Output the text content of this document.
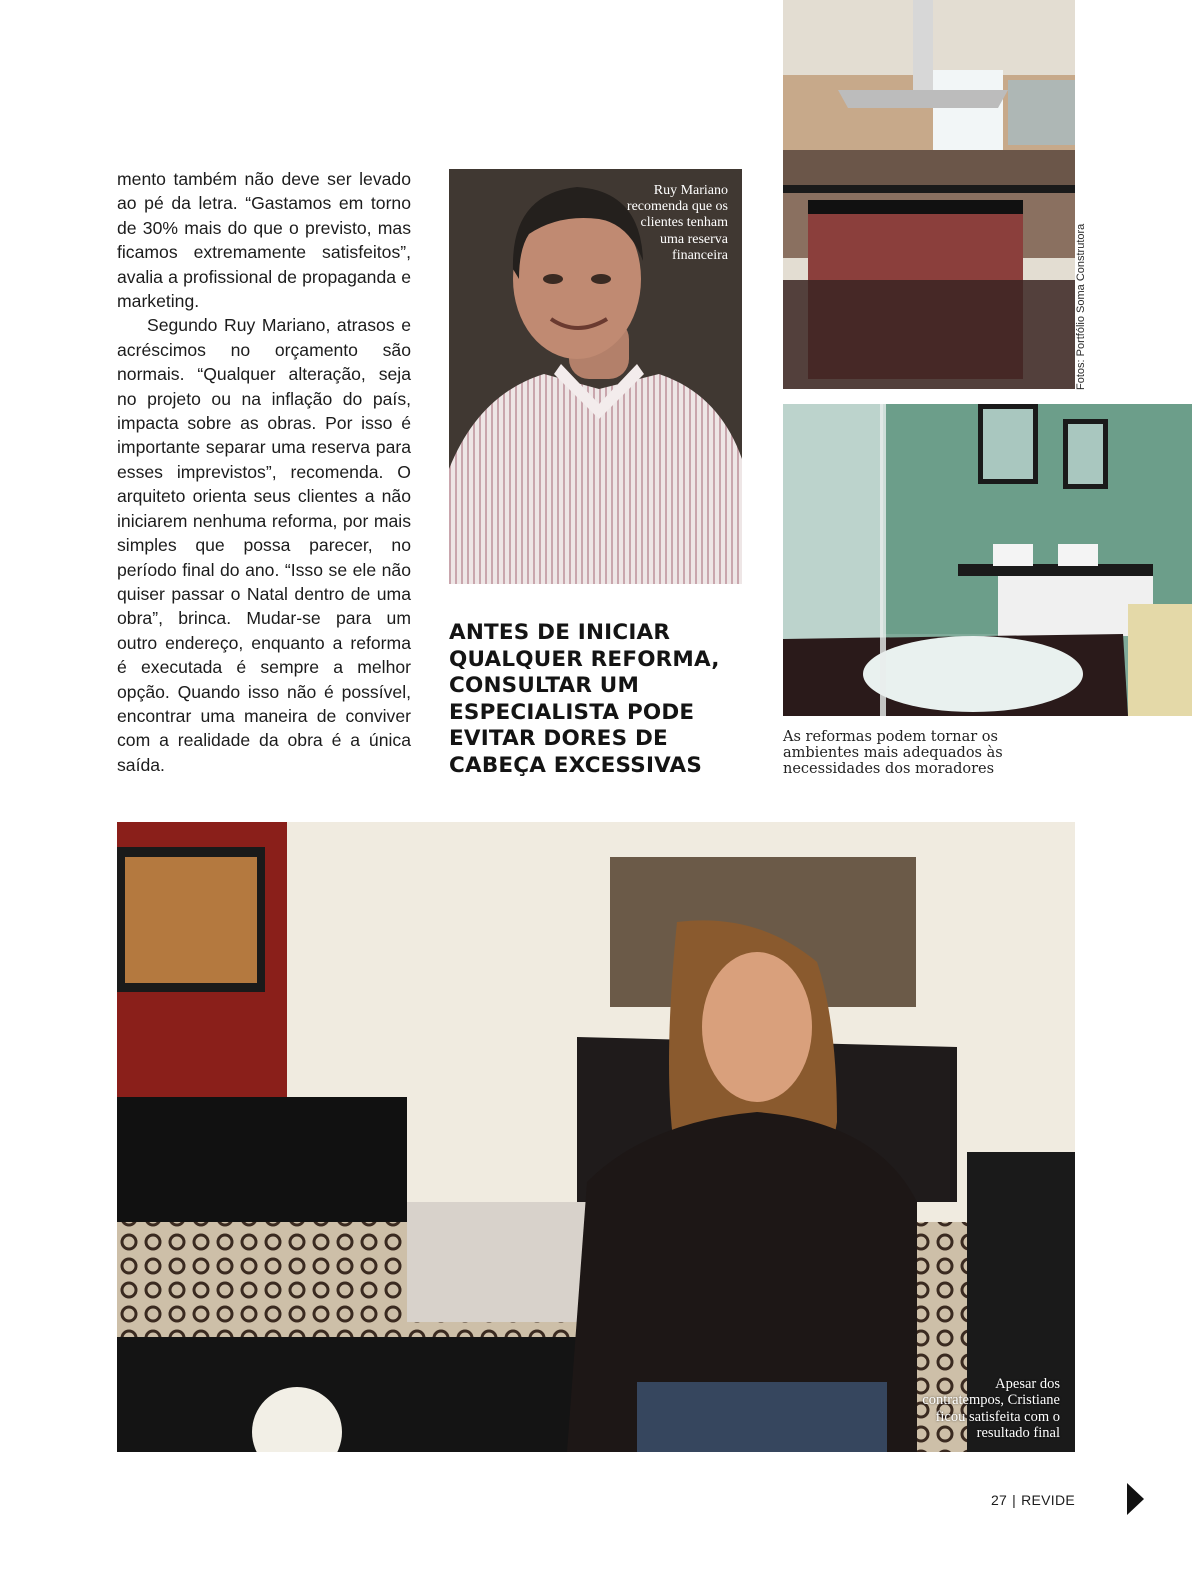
mento também não deve ser levado ao pé da letra. “Gastamos em torno de 30% mais do que o previsto, mas ficamos extremamente satisfeitos”, avalia a profissional de propaganda e marketing.

Segundo Ruy Mariano, atrasos e acréscimos no orçamento são normais. “Qualquer alteração, seja no projeto ou na inflação do país, impacta sobre as obras. Por isso é importante separar uma reserva para esses imprevistos”, recomenda. O arquiteto orienta seus clientes a não iniciarem nenhuma reforma, por mais simples que possa parecer, no período final do ano. “Isso se ele não quiser passar o Natal dentro de uma obra”, brinca. Mudar-se para um outro endereço, enquanto a reforma é executada é sempre a melhor opção. Quando isso não é possível, encontrar uma maneira de conviver com a realidade da obra é a única saída.

Ruy Mariano recomenda que os clientes tenham uma reserva financeira
ANTES DE INICIAR QUALQUER REFORMA, CONSULTAR UM ESPECIALISTA PODE EVITAR DORES DE CABEÇA EXCESSIVAS
Fotos: Portfólio Soma Construtora
As reformas podem tornar os ambientes mais adequados às necessidades dos moradores
Apesar dos contratempos, Cristiane ficou satisfeita com o resultado final
27 | REVIDE
